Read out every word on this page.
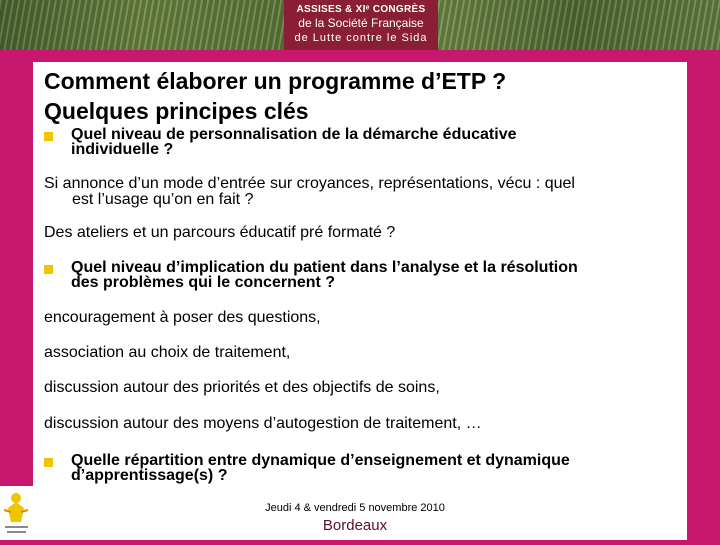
ASSISES & XIᵉ CONGRÈS
de la Société Française
de Lutte contre le Sida
Comment élaborer un programme d’ETP ?
Quelques principes clés
Quel niveau de personnalisation de la démarche éducative
individuelle ?
Si annonce d’un mode d’entrée sur croyances, représentations, vécu : quel
est l’usage qu’on en fait ?
Des ateliers et un parcours éducatif pré formaté ?
Quel niveau d’implication du patient dans l’analyse et la résolution
des problèmes qui le concernent ?
encouragement à poser des questions,
association au choix de traitement,
discussion autour des priorités et des objectifs de soins,
discussion autour des moyens d’autogestion de traitement, …
Quelle répartition entre dynamique d’enseignement et dynamique
d’apprentissage(s) ?
Jeudi 4 & vendredi 5 novembre 2010
Bordeaux
Nouvelles donnes
Nouveau départ
